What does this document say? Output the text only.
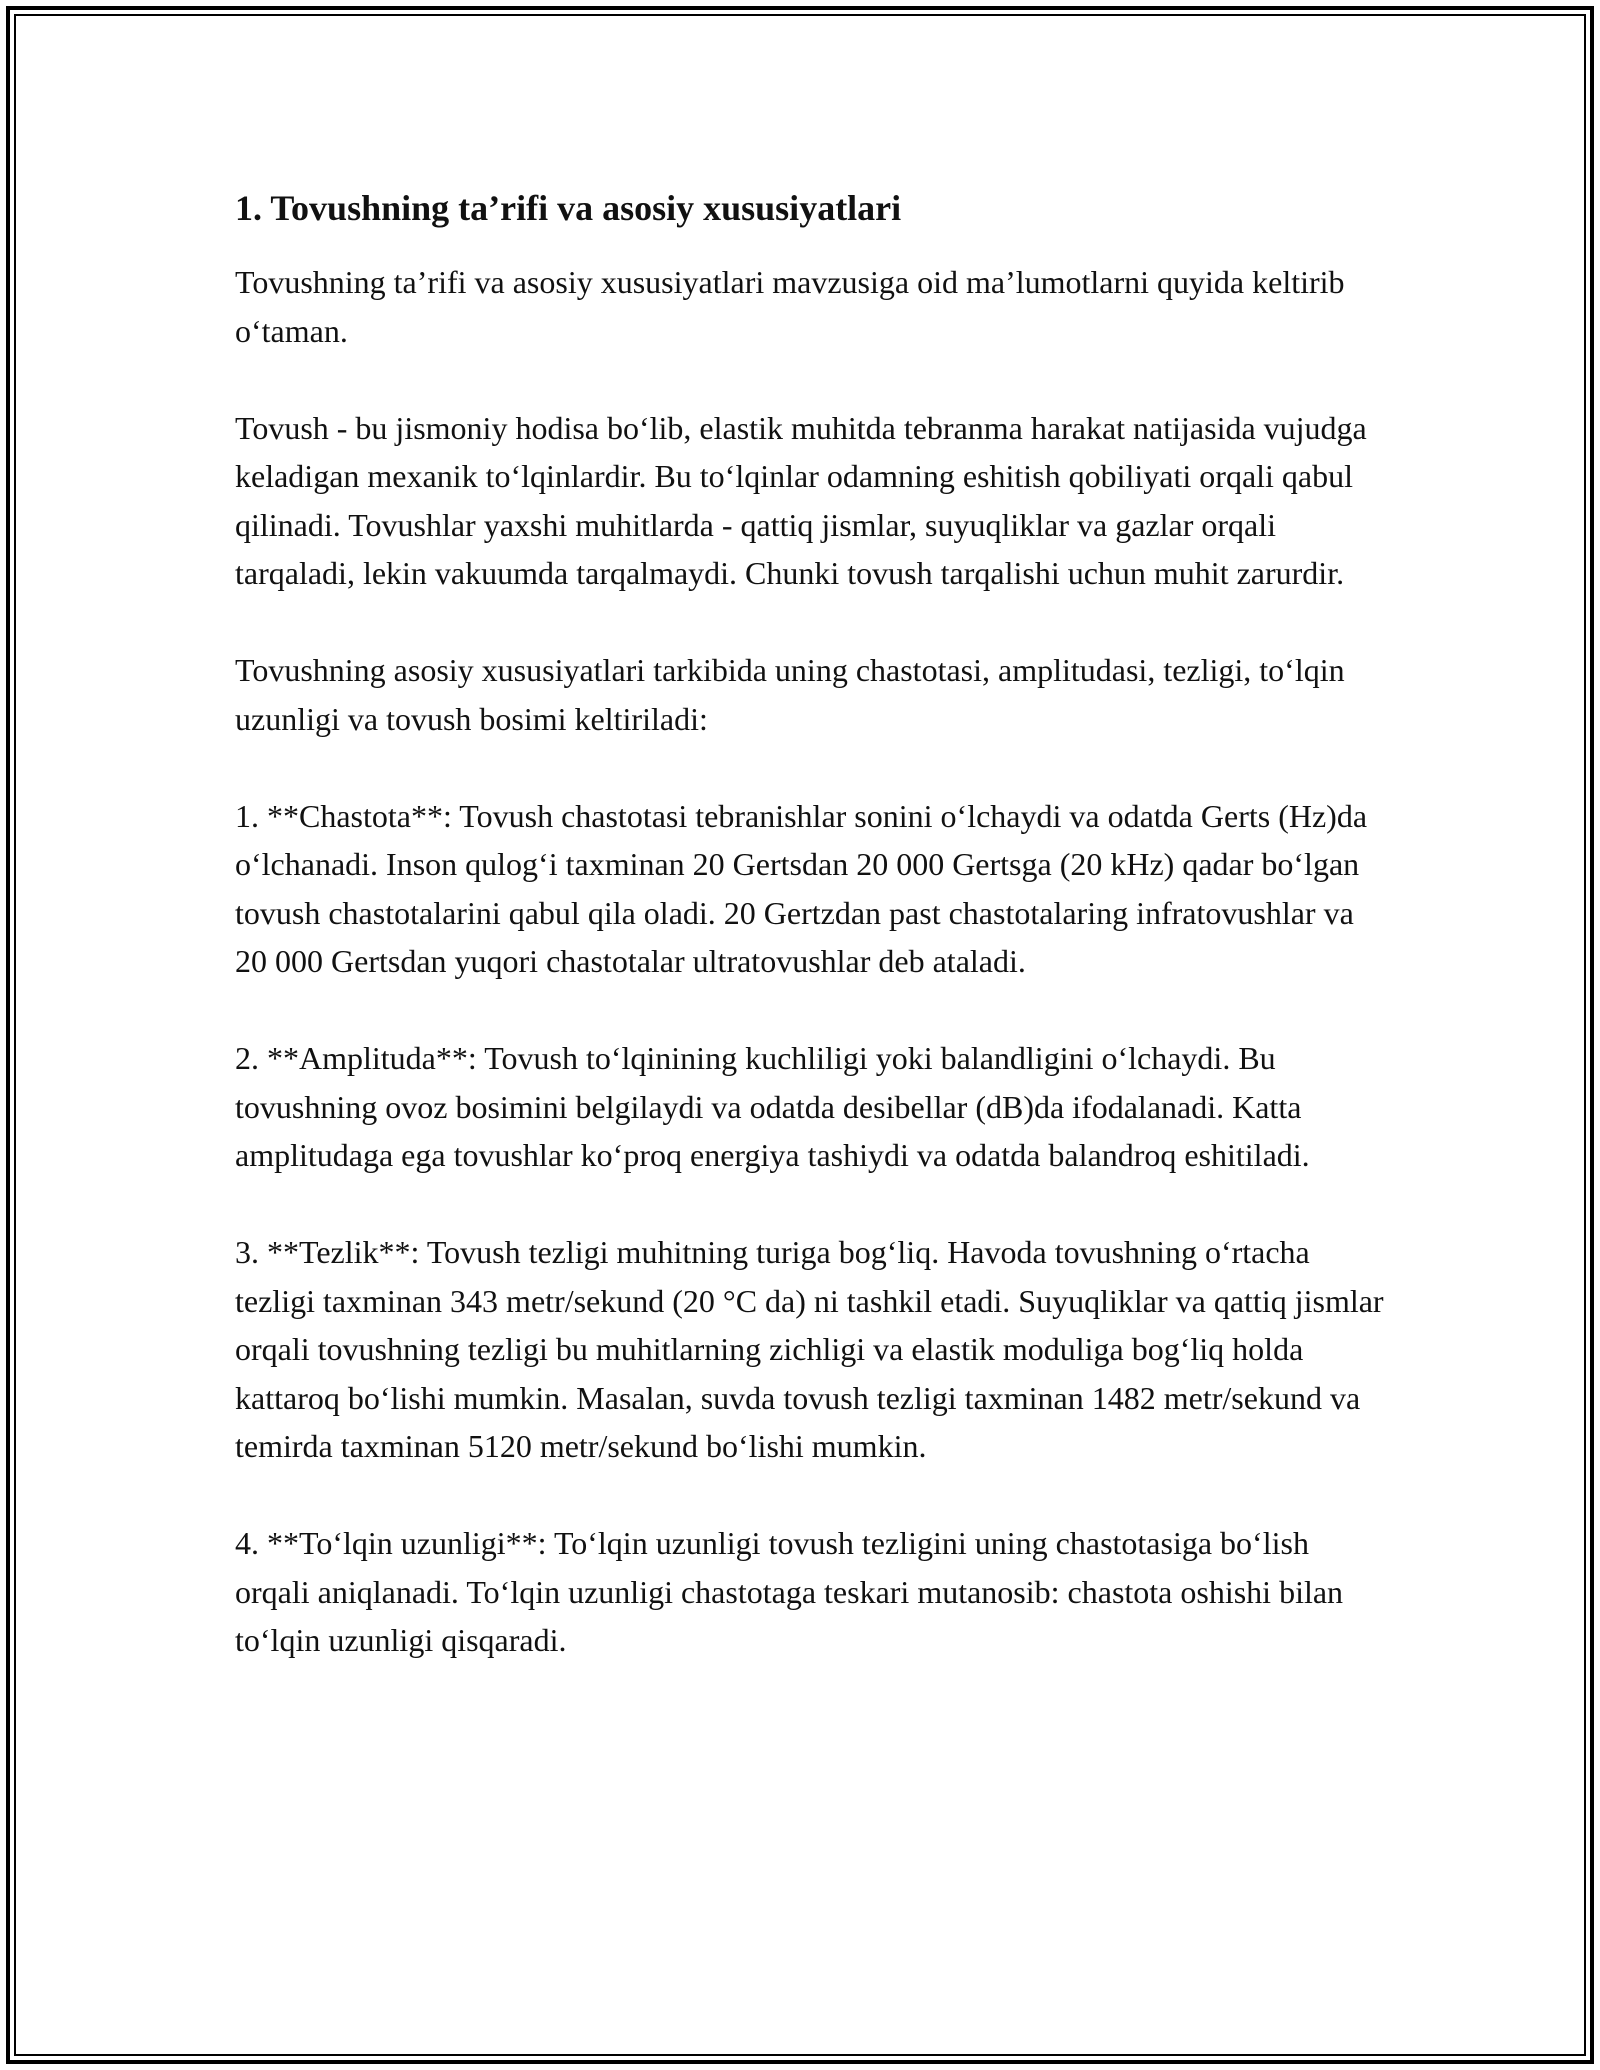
1. Tovushning ta’rifi va asosiy xususiyatlari

Tovushning ta’rifi va asosiy xususiyatlari mavzusiga oid ma’lumotlarni quyida keltirib o‘taman.

Tovush - bu jismoniy hodisa bo‘lib, elastik muhitda tebranma harakat natijasida vujudga keladigan mexanik to‘lqinlardir. Bu to‘lqinlar odamning eshitish qobiliyati orqali qabul qilinadi. Tovushlar yaxshi muhitlarda - qattiq jismlar, suyuqliklar va gazlar orqali tarqaladi, lekin vakuumda tarqalmaydi. Chunki tovush tarqalishi uchun muhit zarurdir.

Tovushning asosiy xususiyatlari tarkibida uning chastotasi, amplitudasi, tezligi, to‘lqin uzunligi va tovush bosimi keltiriladi:

1. **Chastota**: Tovush chastotasi tebranishlar sonini o‘lchaydi va odatda Gerts (Hz)da o‘lchanadi. Inson qulog‘i taxminan 20 Gertsdan 20 000 Gertsga (20 kHz) qadar bo‘lgan tovush chastotalarini qabul qila oladi. 20 Gertzdan past chastotalaring infratovushlar va 20 000 Gertsdan yuqori chastotalar ultratovushlar deb ataladi.

2. **Amplituda**: Tovush to‘lqinining kuchliligi yoki balandligini o‘lchaydi. Bu tovushning ovoz bosimini belgilaydi va odatda desibellar (dB)da ifodalanadi. Katta amplitudaga ega tovushlar ko‘proq energiya tashiydi va odatda balandroq eshitiladi.

3. **Tezlik**: Tovush tezligi muhitning turiga bog‘liq. Havoda tovushning o‘rtacha tezligi taxminan 343 metr/sekund (20 °C da) ni tashkil etadi. Suyuqliklar va qattiq jismlar orqali tovushning tezligi bu muhitlarning zichligi va elastik moduliga bog‘liq holda kattaroq bo‘lishi mumkin. Masalan, suvda tovush tezligi taxminan 1482 metr/sekund va temirda taxminan 5120 metr/sekund bo‘lishi mumkin.

4. **To‘lqin uzunligi**: To‘lqin uzunligi tovush tezligini uning chastotasiga bo‘lish orqali aniqlanadi. To‘lqin uzunligi chastotaga teskari mutanosib: chastota oshishi bilan to‘lqin uzunligi qisqaradi.
